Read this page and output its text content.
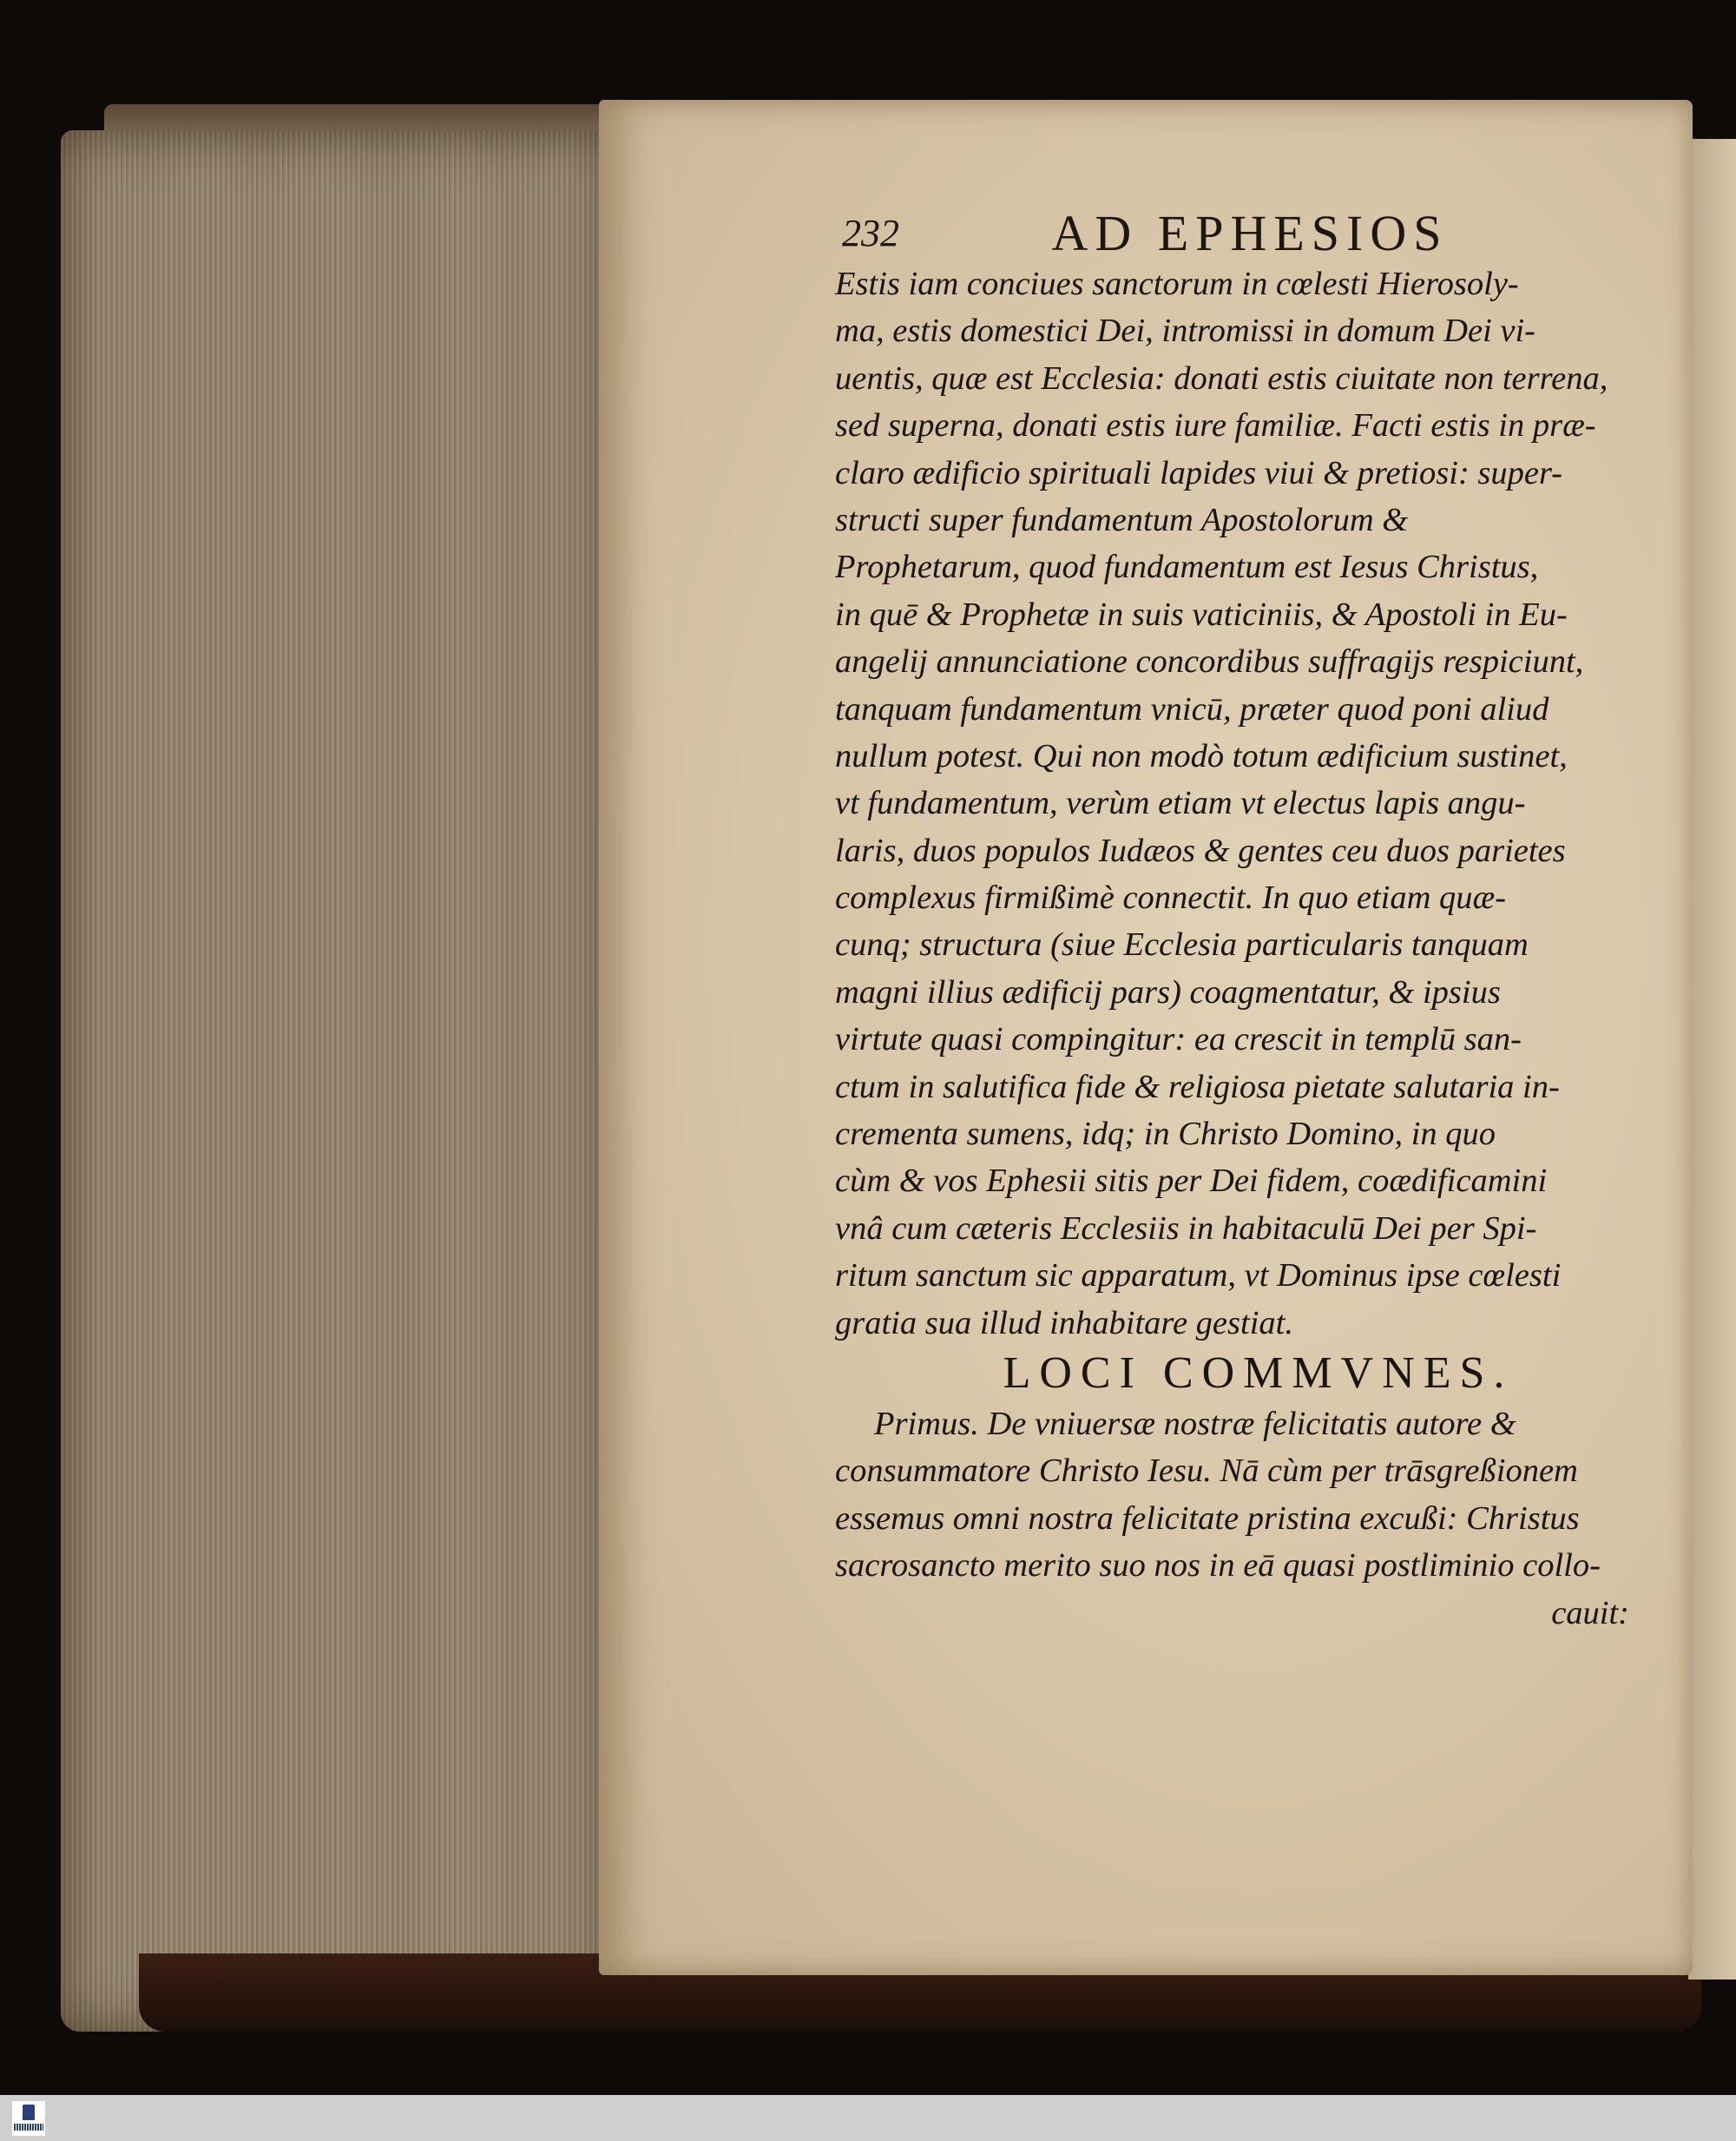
232	AD EPHESIOS
Estis iam conciues sanctorum in cœlesti Hierosoly-
ma, estis domestici Dei, intromissi in domum Dei vi-
uentis, quæ est Ecclesia: donati estis ciuitate non terrena,
sed superna, donati estis iure familiæ. Facti estis in præ-
claro ædificio spirituali lapides viui & pretiosi: super-
structi super fundamentum Apostolorum &
Prophetarum, quod fundamentum est Iesus Christus,
in quē & Prophetæ in suis vaticiniis, & Apostoli in Eu-
angelij annunciatione concordibus suffragijs respiciunt,
tanquam fundamentum vnicū, præter quod poni aliud
nullum potest. Qui non modò totum ædificium sustinet,
vt fundamentum, verùm etiam vt electus lapis angu-
laris, duos populos Iudæos & gentes ceu duos parietes
complexus firmißimè connectit. In quo etiam quæ-
cunq; structura (siue Ecclesia particularis tanquam
magni illius ædificij pars) coagmentatur, & ipsius
virtute quasi compingitur: ea crescit in templū san-
ctum in salutifica fide & religiosa pietate salutaria in-
crementa sumens, idq; in Christo Domino, in quo
cùm & vos Ephesii sitis per Dei fidem, coædificamini
vnâ cum cæteris Ecclesiis in habitaculū Dei per Spi-
ritum sanctum sic apparatum, vt Dominus ipse cœlesti
gratia sua illud inhabitare gestiat.
LOCI COMMVNES.
Primus. De vniuersæ nostræ felicitatis autore &
consummatore Christo Iesu. Nā cùm per trāsgreßionem
essemus omni nostra felicitate pristina excußi: Christus
sacrosancto merito suo nos in eā quasi postliminio collo-
cauit:
